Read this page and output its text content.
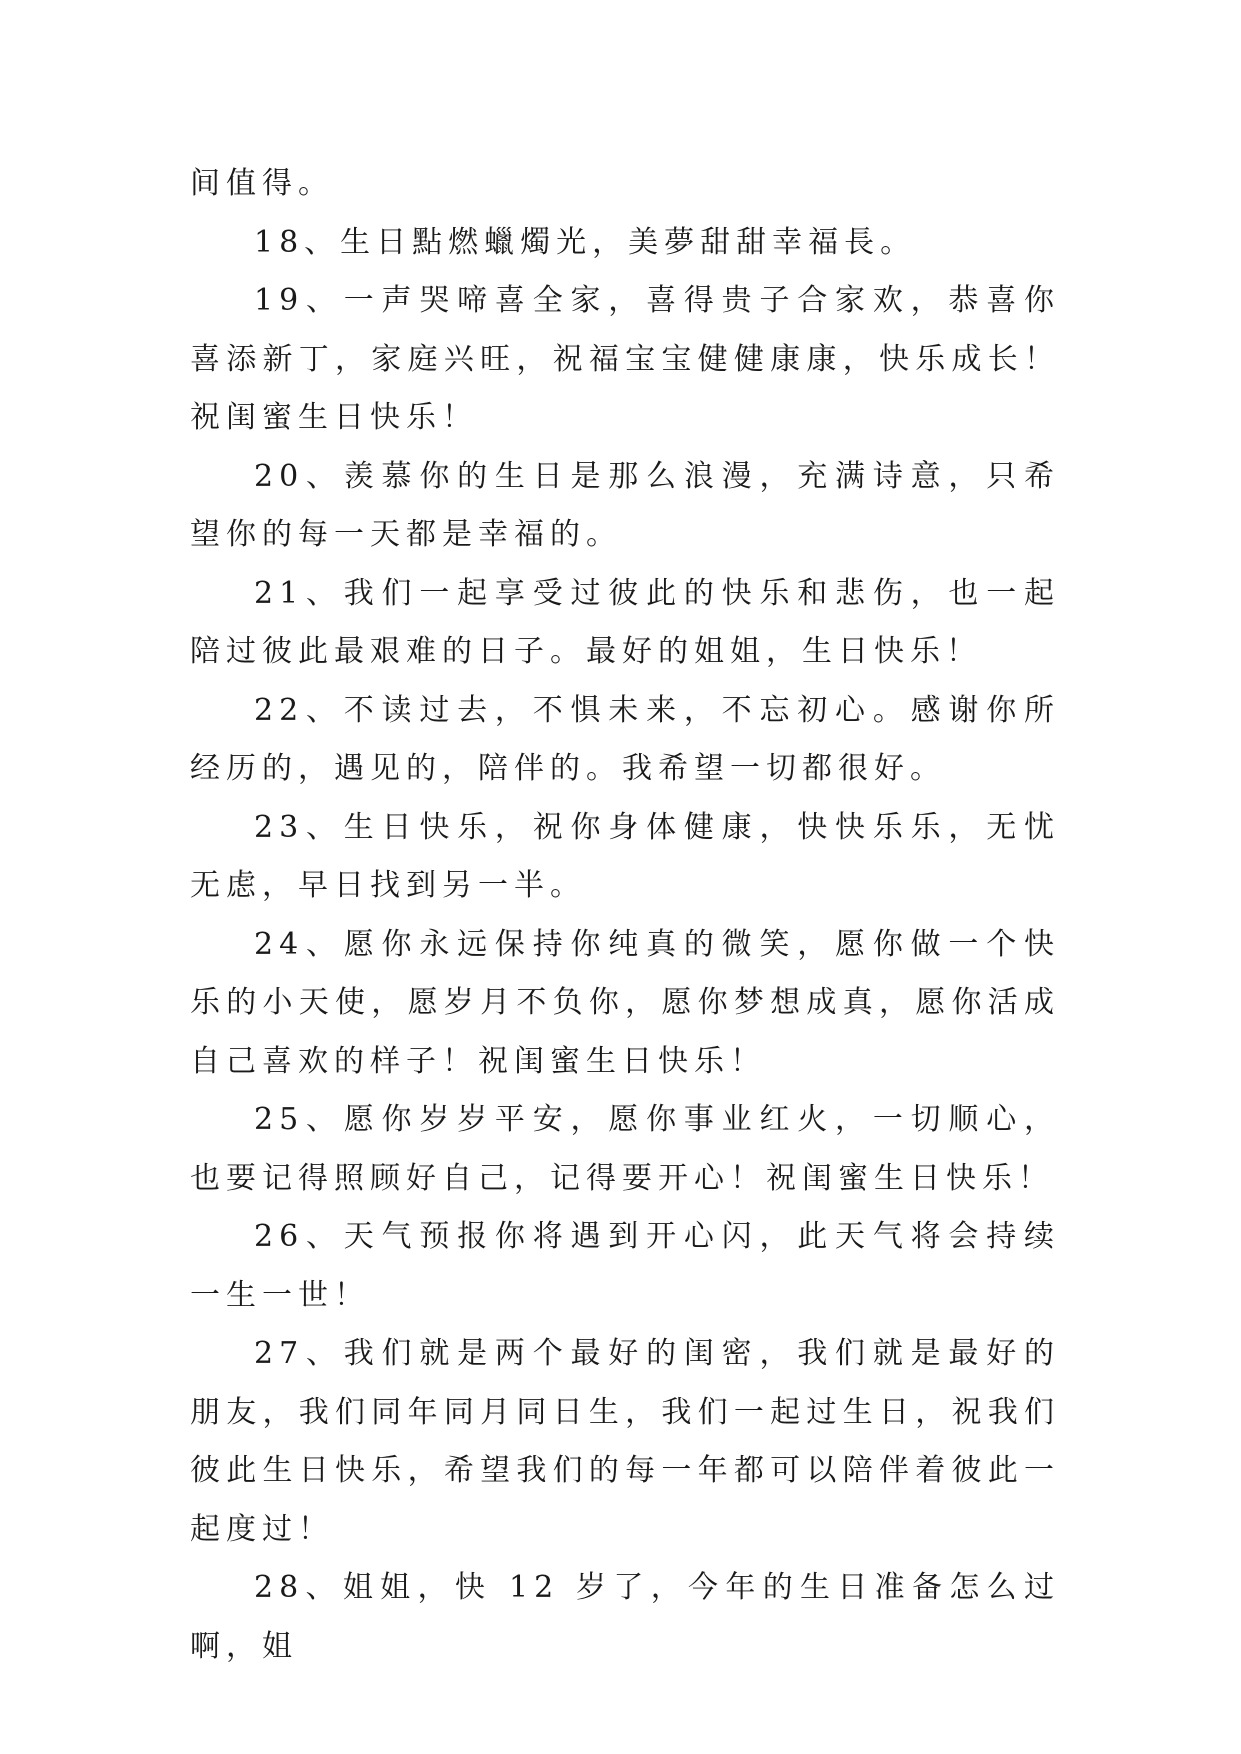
间值得。

18、生日點燃蠟燭光，美夢甜甜幸福長。

19、一声哭啼喜全家，喜得贵子合家欢，恭喜你喜添新丁，家庭兴旺，祝福宝宝健健康康，快乐成长！祝闺蜜生日快乐！

20、羡慕你的生日是那么浪漫，充满诗意，只希望你的每一天都是幸福的。

21、我们一起享受过彼此的快乐和悲伤，也一起陪过彼此最艰难的日子。最好的姐姐，生日快乐！

22、不读过去，不惧未来，不忘初心。感谢你所经历的，遇见的，陪伴的。我希望一切都很好。

23、生日快乐，祝你身体健康，快快乐乐，无忧无虑，早日找到另一半。

24、愿你永远保持你纯真的微笑，愿你做一个快乐的小天使，愿岁月不负你，愿你梦想成真，愿你活成自己喜欢的样子！祝闺蜜生日快乐！

25、愿你岁岁平安，愿你事业红火，一切顺心，也要记得照顾好自己，记得要开心！祝闺蜜生日快乐！

26、天气预报你将遇到开心闪，此天气将会持续一生一世！

27、我们就是两个最好的闺密，我们就是最好的朋友，我们同年同月同日生，我们一起过生日，祝我们彼此生日快乐，希望我们的每一年都可以陪伴着彼此一起度过！

28、姐姐，快 12 岁了，今年的生日准备怎么过啊，姐
